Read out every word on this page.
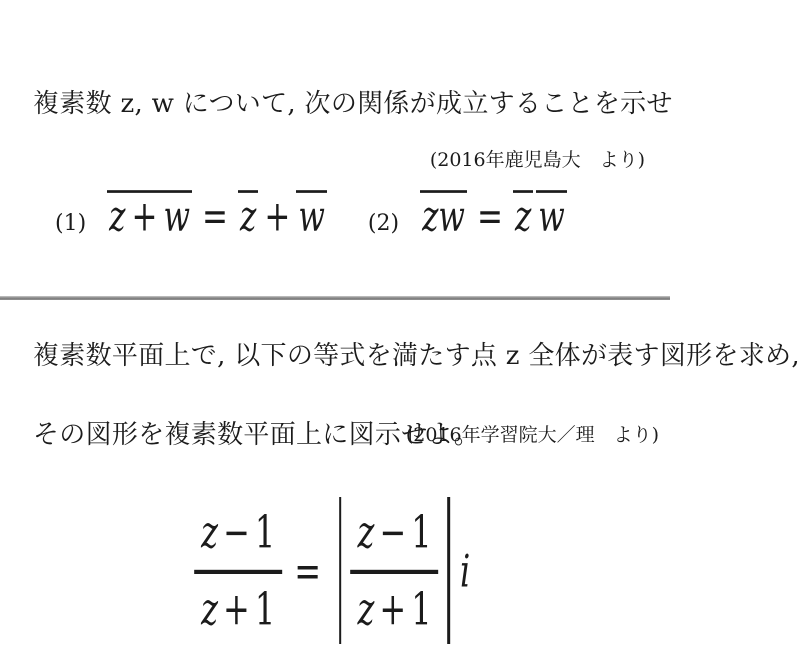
複素数 z, w について, 次の関係が成立することを示せ
(2016年鹿児島大　より)
(1) z + w = z + w (2) zw = z w
複素数平面上で, 以下の等式を満たす点 z 全体が表す図形を求め,
その図形を複素数平面上に図示せよ。
(2016年学習院大／理　より)
$\frac{z - 1}{z + 1} = \frac{z - 1}{z + 1}$ i
